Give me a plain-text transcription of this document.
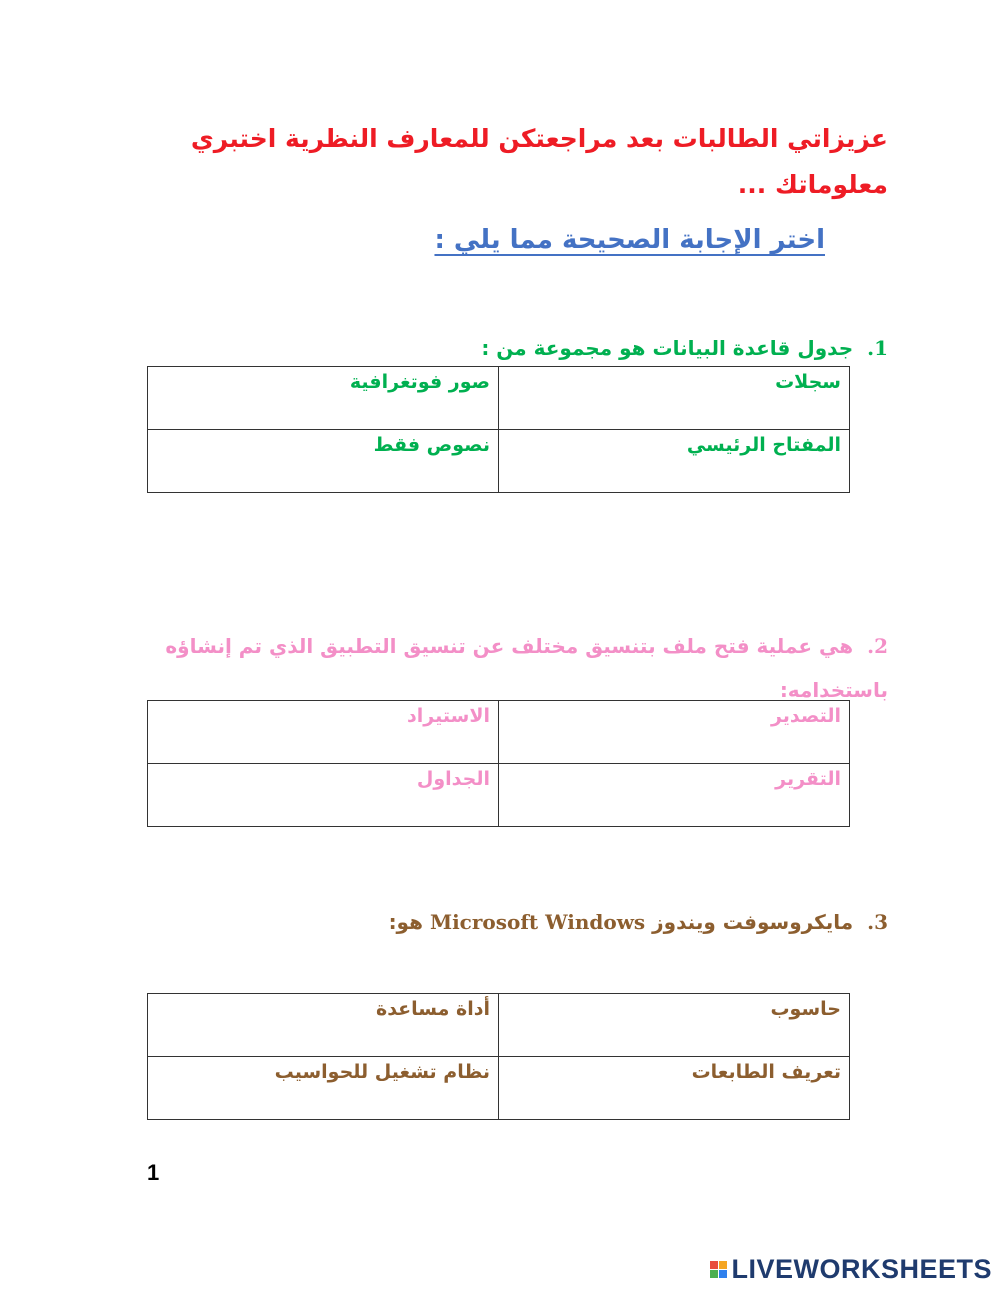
عزيزاتي الطالبات بعد مراجعتكن للمعارف النظرية اختبري معلوماتك ...
اختر الإجابة الصحيحة مما يلي :
1.جدول قاعدة البيانات هو مجموعة من :
صور فوتغرافية	سجلات
نصوص فقط	المفتاح الرئيسي
2.هي عملية فتح ملف بتنسيق مختلف عن تنسيق التطبيق الذي تم إنشاؤه باستخدامه:
الاستيراد	التصدير
الجداول	التقرير
3.مايكروسوفت ويندوز Microsoft Windows هو:
أداة مساعدة	حاسوب
نظام تشغيل للحواسيب	تعريف الطابعات
1
LIVEWORKSHEETS
